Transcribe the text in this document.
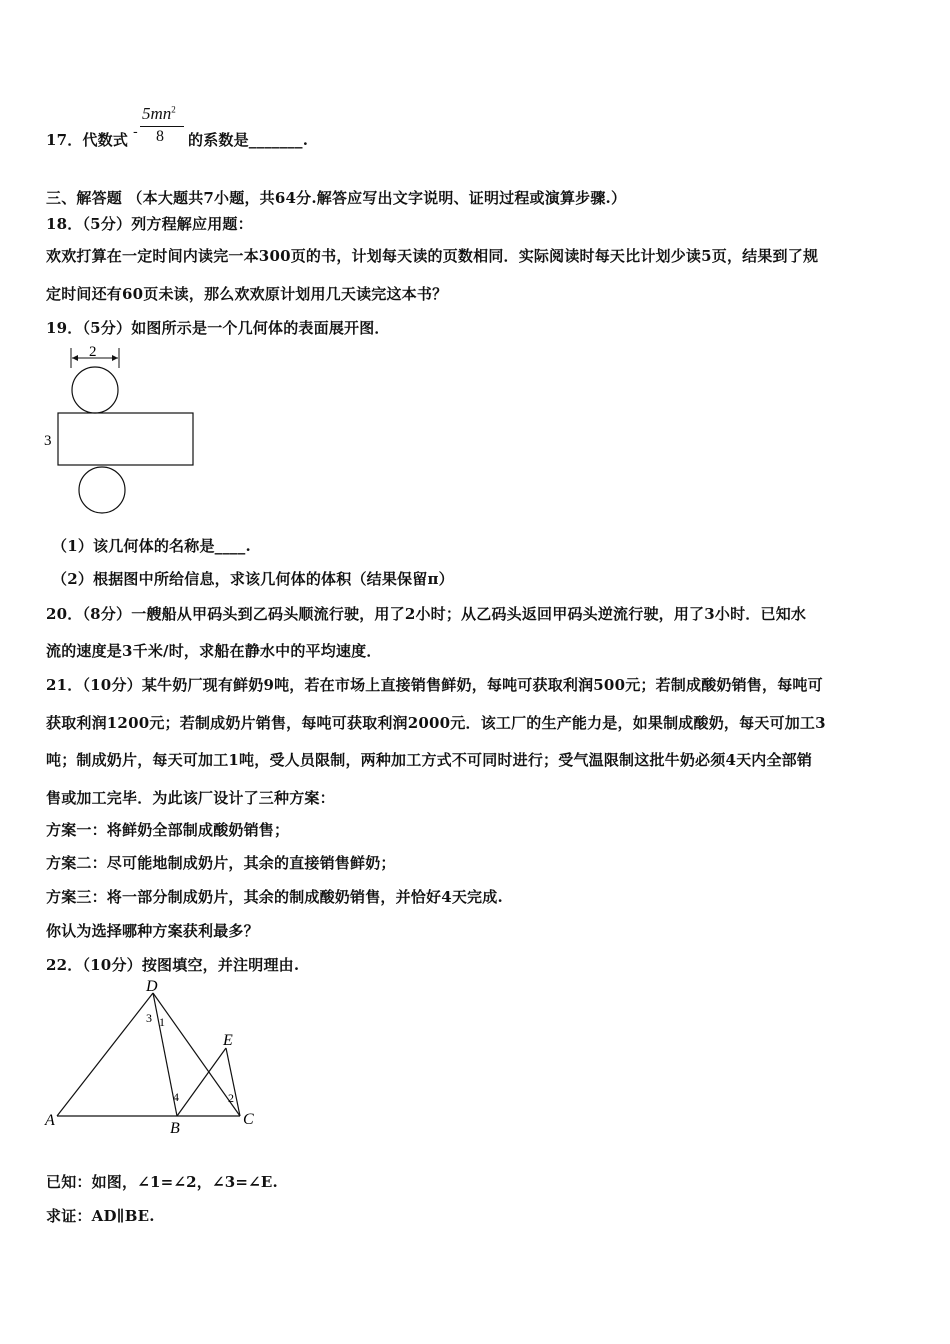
17．代数式 -
$5mn^2$
8 的系数是_______.
三、解答题 （本大题共7小题，共64分.解答应写出文字说明、证明过程或演算步骤.）
18．（5分）列方程解应用题：
欢欢打算在一定时间内读完一本300页的书，计划每天读的页数相同．实际阅读时每天比计划少读5页，结果到了规
定时间还有60页未读，那么欢欢原计划用几天读完这本书？
19．（5分）如图所示是一个几何体的表面展开图．
2
3
（1）该几何体的名称是____.
（2）根据图中所给信息，求该几何体的体积（结果保留π）
20．（8分）一艘船从甲码头到乙码头顺流行驶，用了2小时；从乙码头返回甲码头逆流行驶，用了3小时．已知水
流的速度是3千米/时，求船在静水中的平均速度．
21．（10分）某牛奶厂现有鲜奶9吨，若在市场上直接销售鲜奶，每吨可获取利润500元；若制成酸奶销售，每吨可
获取利润1200元；若制成奶片销售，每吨可获取利润2000元．该工厂的生产能力是，如果制成酸奶，每天可加工3
吨；制成奶片，每天可加工1吨，受人员限制，两种加工方式不可同时进行；受气温限制这批牛奶必须4天内全部销
售或加工完毕．为此该厂设计了三种方案：
方案一：将鲜奶全部制成酸奶销售；
方案二：尽可能地制成奶片，其余的直接销售鲜奶；
方案三：将一部分制成奶片，其余的制成酸奶销售，并恰好4天完成.
你认为选择哪种方案获利最多？
22．（10分）按图填空，并注明理由.
D
E
A	B
C
1
2
3
4
已知：如图，∠1=∠2，∠3=∠E.
求证：AD∥BE.
